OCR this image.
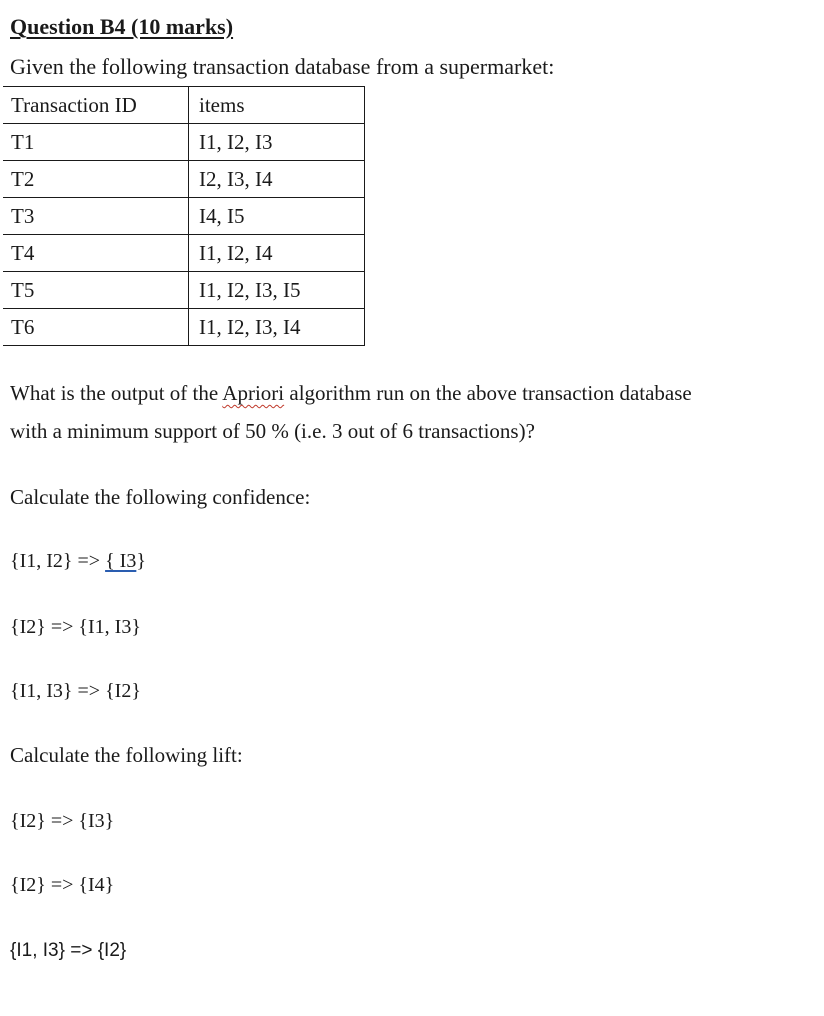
Question B4 (10 marks)
Given the following transaction database from a supermarket:
Transaction ID	items
T1	I1, I2, I3
T2	I2, I3, I4
T3	I4, I5
T4	I1, I2, I4
T5	I1, I2, I3, I5
T6	I1, I2, I3, I4
What is the output of the Apriori algorithm run on the above transaction database
with a minimum support of 50 % (i.e. 3 out of 6 transactions)?
Calculate the following confidence:
{I1, I2} => { I3}
{I2} => {I1, I3}
{I1, I3} => {I2}
Calculate the following lift:
{I2} => {I3}
{I2} => {I4}
{I1, I3} => {I2}
